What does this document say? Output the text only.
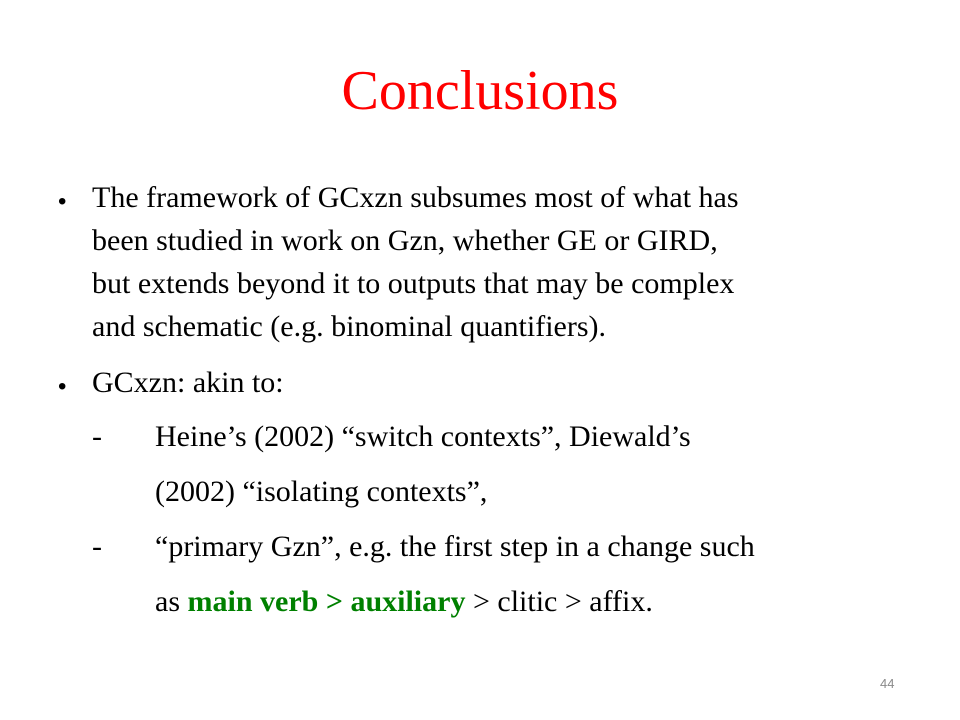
Conclusions
• The framework of GCxzn subsumes most of what has
been studied in work on Gzn, whether GE or GIRD,
but extends beyond it to outputs that may be complex
and schematic (e.g. binominal quantifiers).
• GCxzn: akin to:
- Heine’s (2002) “switch contexts”, Diewald’s
(2002) “isolating contexts”,
- “primary Gzn”, e.g. the first step in a change such
as main verb > auxiliary > clitic > affix.
44
